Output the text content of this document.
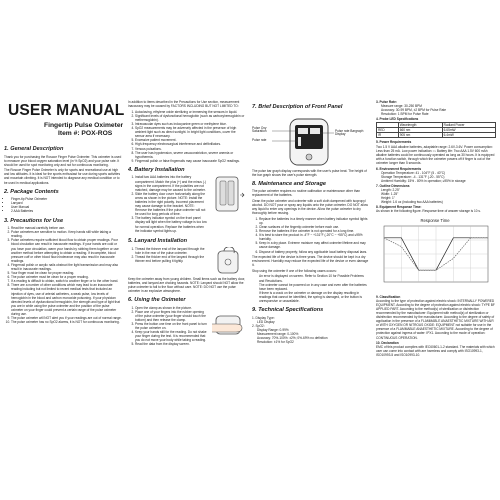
USER MANUAL
Fingertip Pulse Oximeter
Item #: POX-ROS
1. General Description

Thank you for purchasing the Roscoe Finger Pulse Oximeter. This oximeter is used to measure your blood oxygen saturation level (in % SpO2) and your pulse rate. It should be used for spot monitoring only and not for continuous monitoring.

The Roscoe Finger Pulse Oximeter is only for sports and recreational use at high and low altitudes. It is ideal for the sports enthusiast for use during sports activities and mountain climbing. It is NOT intended to diagnose any medical condition or to be used in medical applications.

2. Package Contents
• Finger-tip Pulse Oximeter
• Lanyard
• User Manual
• 2 AAA Batteries
3. Precautions for Use
1. Read the manual carefully before use.
2. Pulse oximeters are sensitive to motion. Keep hands still while taking a reading.
3. Pulse oximeters require sufficient blood flow to obtain proper readings. Poor blood circulation can result in inaccurate readings. If your hands are cold or you have poor circulation, warm your hands by rubbing them together or use another method before attempting to obtain a reading. If incomplete, blood pressure cuff or other blood flow-hinderance may also result in inaccurate readings.
4. Fingernail polish or acrylic nails obstruct the light transmission and may also result in inaccurate readings.
5. Your finger must be clean for proper reading.
6. The pulse oximeter must be clean for a proper reading.
7. If a reading is difficult to obtain, switch to another finger or to the other hand.
8. There are a number of other conditions which may lead to an inaccurate reading including but not limited to recent medical tests that included an injection of dyes, use of arterial catheters, a weak pulse, low levels of hemoglobin in the blood and carbon monoxide poisoning. If your physician directed levels of dysfunctional hemoglobin, the strength and type of light that you are in while using the pulse oximeter and the position of the pulse oximeter on your finger could prevent a certain range of the pulse oximeter during use.
9. The pulse oximeter will NOT alert you if your readings are out of normal range.
10. The pulse oximeter has no SpO2 alarms, it is NOT for continuous monitoring.

In addition to items described in the Precautions for Use section, measurement inaccuracy may be caused by FACTORS INCLUDING BUT NOT LIMITED TO:

1. Autoclaving, ethylene oxide sterilizing or immersing the sensors in liquid.
2. Significant levels of dysfunctional hemoglobin (such as carboxyhemoglobin or methemoglobin).
3. Intravascular dyes such as indocyanine green or methylene blue.
4. SpO2 measurements may be adversely affected in the presence of high ambient light such as direct sunlight. In bright light conditions, cover the sensor area if necessary.
5. Excessive patient movement.
6. High-frequency electrosurgical interference and defibrillators.
7. Venous pulsations.
8. The user has hypotension, severe vasoconstriction, severe anemia or hypothermia.
9. Fingernail polish or false fingernails may cause inaccurate SpO2 readings.
4. Battery Installation
1. Install two AAA batteries into the battery compartment. Match the plus (+) and the minus (-) signs in the compartment. If the polarities are not matched, damage may be caused to the oximeter.
2. Slide the battery door cover horizontally along the arrow as shown in the picture. NOTE: install the batteries in the right polarity. Incorrect placement may cause damage to the bracket. NOTE: Remove the batteries if the pulse oximeter will not be used for long periods of time.
3. The battery indicator symbol on the front panel display will light when the battery voltage is too low for normal operation. Replace the batteries when the indicator symbol lights up.
5. Lanyard Installation
1. Thread the thinner end of the lanyard through the hole in the rear of the pulse oximeter.
2. Thread the thicker end of the lanyard through the thinner end before pulling it tightly.

Keep the oximeter away from young children. Small items such as the battery door, batteries, and lanyard are choking hazards. NOTE: Lanyard should NOT allow the pulse oximeter to fall to the floor without care. NOTE: DO NOT use the pulse oximeter in an explosive atmosphere.

6. Using the Oximeter
1. Open the clamp as shown in the picture.
2. Place one of your fingers into the rubber opening of the pulse oximeter (your finger should touch the bottom) and then release the clamp.
3. Press the button one time on the front panel to turn the pulse oximeter on.
4. Keep your hands still for the reading. Do not shake your finger during the test. It is recommended that you do not move your body while taking a reading.
5. Read the data from the display screen.
7. Brief Description of Front Panel
Pulse Oxy Saturation
Pulse rate
Pulse rate Bargraph Display

The pulse bar graph display corresponds with the user's pulse beat. The height of the bar graph shows the user's pulse strength.

8. Maintenance and Storage

The pulse oximeter requires no routine calibration or maintenance other than replacement of the batteries.

Clean the pulse oximeter and oximeter with a soft cloth dampened with isopropyl alcohol. DO NOT pour or spray any liquids onto the pulse oximeter. DO NOT allow any liquid to enter any openings in the device. Allow the pulse oximeter to dry thoroughly before reusing.

1. Replace the batteries in a timely manner when battery indicator symbol lights up.
2. Clean surfaces of the fingertip oximeter before each use.
3. Remove the batteries if the oximeter is not operated for a long time.
4. It is best to store the product in -4°F ~ +131°F (-20°C ~ +55°C) and ≤95% humidity.
5. Keep in a dry place. Extreme moisture may affect oximeter lifetime and may cause damage.
6. Dispose of battery properly; follow any applicable local battery disposal laws.

The expected life of the device is three years. The device should be kept in a dry environment. Humidity may reduce the expected life of the device or even damage it.

Stop using the oximeter if one of the following cases occurs:

• An error is displayed on screen. Refer to Section 10 for Possible Problems and Resolutions.
• The oximeter cannot be powered on in any case and even after the batteries have been replaced.
• If there is a crack on the oximeter or damage on the display resulting in readings that cannot be identified, the spring is damaged, or the button is unresponsive or unavailable.
9. Technical Specifications
1. Display Type:
LED Display
2. SpO2:
Display Range: 0-99%
Measurement range: 0-100%
Accuracy: 70%-100%: ±2%; 0%-69% no definition
Resolution: ±1% for SpO2
3. Pulse Rate:
Measure range: 30-250 BPM
Accuracy: 30-99 BPM, ±2 BPM for Pulse Rate
Resolution: 1 BPM for Pulse Rate
4. Probe LED Specifications
	Wavelength	Radiant Power
RED	660 nm	6.65mW
IR	905 nm	6.4mW
5. Power Requirements

Two 1.5 V AAA alkaline batteries, adaptable range: 2.6V-3.6V. Power consumption: Less than 25 mA. Low power indication: □. Battery life: Two AAA 1.5V 600 mAh alkaline batteries could be continuously operated as long as 30 hours. It is equipped with a function switch, through which the oximeter powers off if finger is out of the oximeter longer than 5 seconds.

6. Environment Requirements
Operation Temperature: 41 - 104°F (5 - 40°C)
Storage Temperature: -4 - 131°F (-20 - 55°C)
Ambient Humidity: 15% - 80% in operation; ≤95% in storage
7. Outline Dimensions
Length: 2.25"
Width: 1.25"
Height: 1"
Weight: 1.6 oz (including two AAA batteries)
8. Equipment Response Time:

As shown in the following figure. Response time of answer storage is 10 s.

Response Time
9. Classification

According to the type of protection against electric shock: INTERNALLY POWERED EQUIPMENT. According to the degree of protection against electric shock: TYPE BF APPLIED PART. According to the method(s) of sterilization or disinfection recommended by the manufacturer: Equipment with method(s) of sterilization or disinfection recommended by the manufacturer. According to the degree of safety of application in the presence of a FLAMMABLE ANAESTHETIC MIXTURE WITH AIR or WITH OXYGEN OR NITROUS OXIDE: EQUIPMENT not suitable for use in the presence of a FLAMMABLE ANAESTHETIC MIXTURE. According to the degree of protection against ingress of water: IPX1. According to the mode of operation: CONTINUOUS OPERATION.

10. Declaration

EMC of this product complies with IEC60601-1-2 standard. The materials with which user can come into contact with are harmless and comply with ISO10993-1, ISO10993-5 and ISO10993-10.
